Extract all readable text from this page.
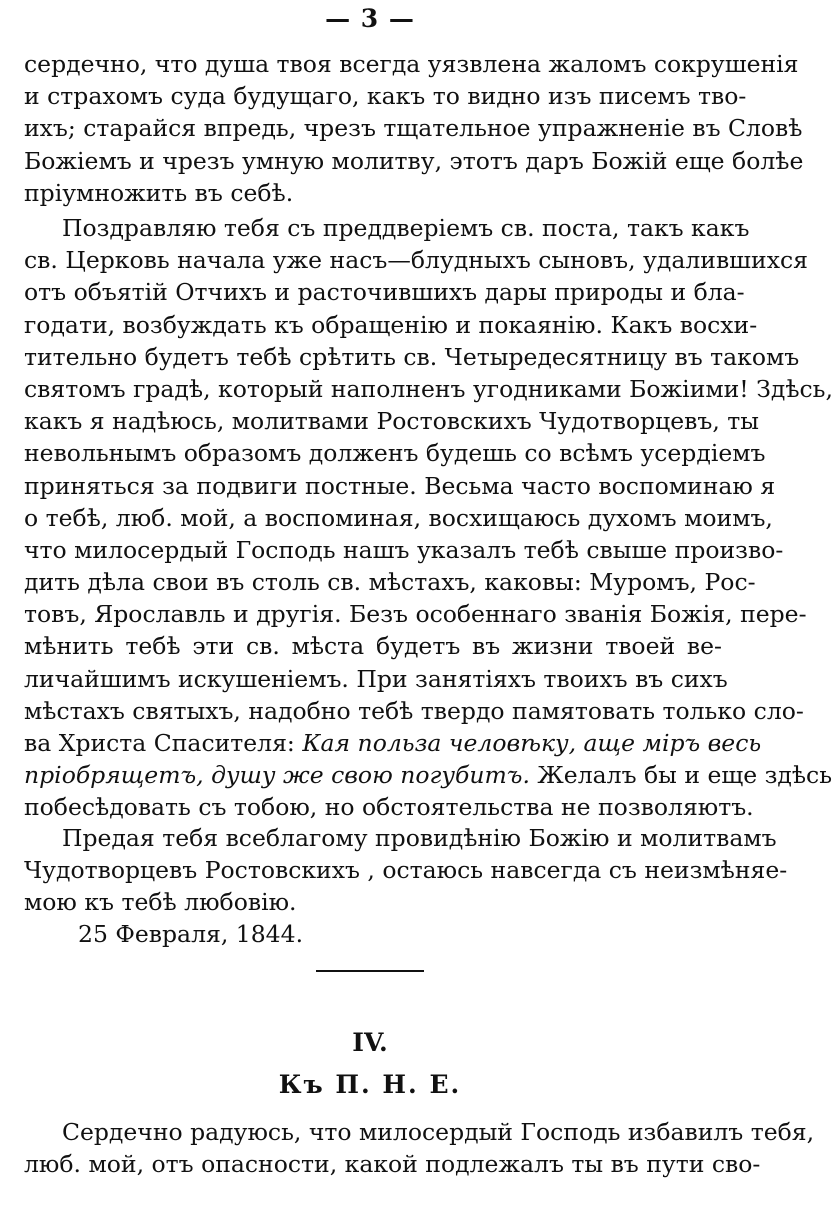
— 3 —
сердечно, что душа твоя всегда уязвлена жаломъ сокрушенія
и страхомъ суда будущаго, какъ то видно изъ писемъ тво-
ихъ; старайся впредь, чрезъ тщательное упражненіе въ Словѣ
Божіемъ и чрезъ умную молитву, этотъ даръ Божій еще болѣе
пріумножить въ себѣ.
Поздравляю тебя съ преддверіемъ св. поста, такъ какъ
св. Церковь начала уже насъ—блудныхъ сыновъ, удалившихся
отъ объятій Отчихъ и расточившихъ дары природы и бла-
годати, возбуждать къ обращенію и покаянію. Какъ восхи-
тительно будетъ тебѣ срѣтить св. Четыредесятницу въ такомъ
святомъ градѣ, который наполненъ угодниками Божіими! Здѣсь,
какъ я надѣюсь, молитвами Ростовскихъ Чудотворцевъ, ты
невольнымъ образомъ долженъ будешь со всѣмъ усердіемъ
приняться за подвиги постные. Весьма часто воспоминаю я
о тебѣ, люб. мой, а воспоминая, восхищаюсь духомъ моимъ,
что милосердый Господь нашъ указалъ тебѣ свыше произво-
дить дѣла свои въ столь св. мѣстахъ, каковы: Муромъ, Рос-
товъ, Ярославль и другія. Безъ особеннаго званія Божія, пере-
мѣнить тебѣ эти св. мѣста будетъ въ жизни твоей ве-
личайшимъ искушеніемъ. При занятіяхъ твоихъ въ сихъ
мѣстахъ святыхъ, надобно тебѣ твердо памятовать только сло-
ва Христа Спасителя: Кая польза человѣку, аще міръ весь
пріобрящетъ, душу же свою погубитъ. Желалъ бы и еще здѣсь
побесѣдовать съ тобою, но обстоятельства не позволяютъ.
Предая тебя всеблагому провидѣнію Божію и молитвамъ
Чудотворцевъ Ростовскихъ , остаюсь навсегда съ неизмѣняе-
мою къ тебѣ любовію.
25 Февраля, 1844.
IV.
Къ П. Н. Е.
Сердечно радуюсь, что милосердый Господь избавилъ тебя,
люб. мой, отъ опасности, какой подлежалъ ты въ пути сво-
